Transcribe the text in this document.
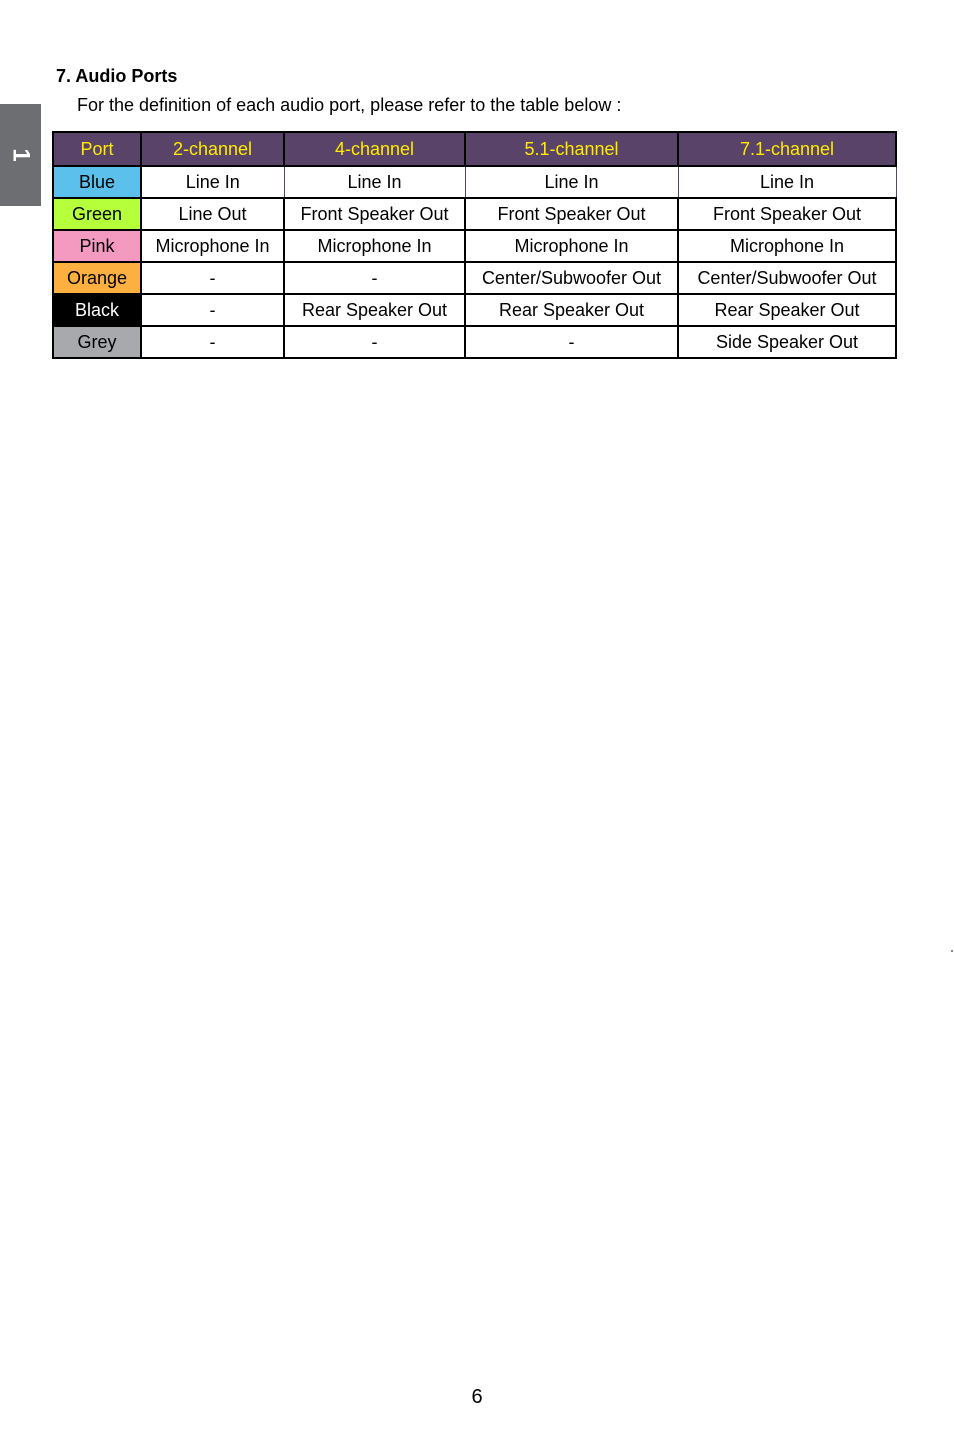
1
7. Audio Ports

For the definition of each audio port, please refer to the table below :

Port	2-channel	4-channel	5.1-channel	7.1-channel
Blue	Line In	Line In	Line In	Line In
Green	Line Out	Front Speaker Out	Front Speaker Out	Front Speaker Out
Pink	Microphone In	Microphone In	Microphone In	Microphone In
Orange	-	-	Center/Subwoofer Out	Center/Subwoofer Out
Black	-	Rear Speaker Out	Rear Speaker Out	Rear Speaker Out
Grey	-	-	-	Side Speaker Out

6
